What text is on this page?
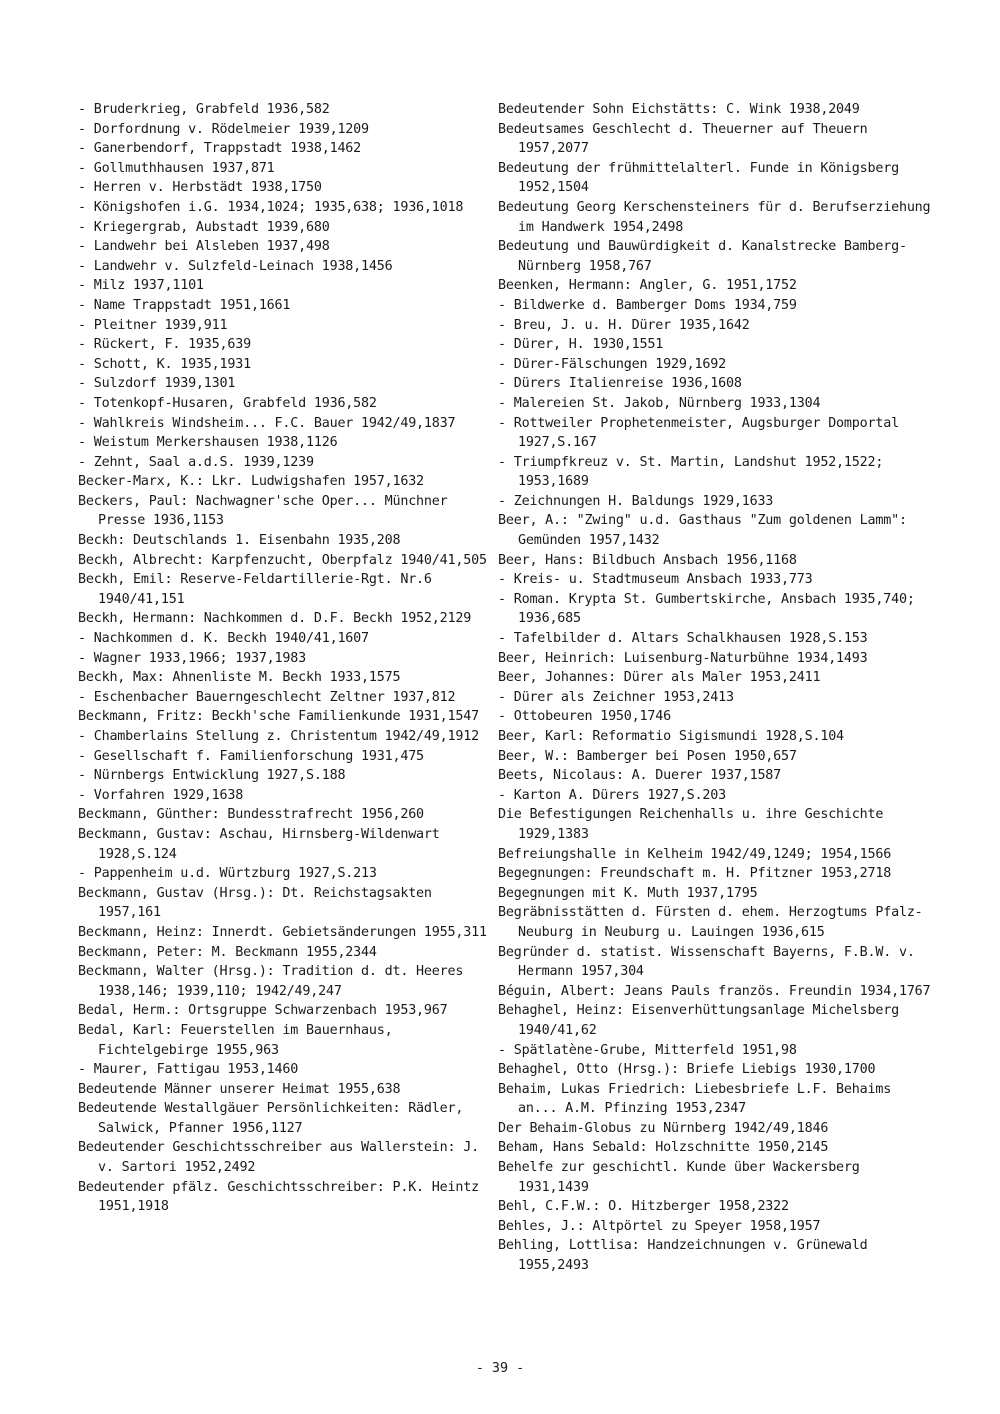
- Bruderkrieg, Grabfeld 1936,582
- Dorfordnung v. Rödelmeier 1939,1209
- Ganerbendorf, Trappstadt 1938,1462
- Gollmuthhausen 1937,871
- Herren v. Herbstädt 1938,1750
- Königshofen i.G. 1934,1024; 1935,638; 1936,1018
- Kriegergrab, Aubstadt 1939,680
- Landwehr bei Alsleben 1937,498
- Landwehr v. Sulzfeld-Leinach 1938,1456
- Milz 1937,1101
- Name Trappstadt 1951,1661
- Pleitner 1939,911
- Rückert, F. 1935,639
- Schott, K. 1935,1931
- Sulzdorf 1939,1301
- Totenkopf-Husaren, Grabfeld 1936,582
- Wahlkreis Windsheim... F.C. Bauer 1942/49,1837
- Weistum Merkershausen 1938,1126
- Zehnt, Saal a.d.S. 1939,1239
Becker-Marx, K.: Lkr. Ludwigshafen 1957,1632
Beckers, Paul: Nachwagner'sche Oper... Münchner Presse 1936,1153
Beckh: Deutschlands 1. Eisenbahn 1935,208
Beckh, Albrecht: Karpfenzucht, Oberpfalz 1940/41,505
Beckh, Emil: Reserve-Feldartillerie-Rgt. Nr.6 1940/41,151
Beckh, Hermann: Nachkommen d. D.F. Beckh 1952,2129
- Nachkommen d. K. Beckh 1940/41,1607
- Wagner 1933,1966; 1937,1983
Beckh, Max: Ahnenliste M. Beckh 1933,1575
- Eschenbacher Bauerngeschlecht Zeltner 1937,812
Beckmann, Fritz: Beckh'sche Familienkunde 1931,1547
- Chamberlains Stellung z. Christentum 1942/49,1912
- Gesellschaft f. Familienforschung 1931,475
- Nürnbergs Entwicklung 1927,S.188
- Vorfahren 1929,1638
Beckmann, Günther: Bundesstrafrecht 1956,260
Beckmann, Gustav: Aschau, Hirnsberg-Wildenwart 1928,S.124
- Pappenheim u.d. Würtzburg 1927,S.213
Beckmann, Gustav (Hrsg.): Dt. Reichstagsakten 1957,161
Beckmann, Heinz: Innerdt. Gebietsänderungen 1955,311
Beckmann, Peter: M. Beckmann 1955,2344
Beckmann, Walter (Hrsg.): Tradition d. dt. Heeres 1938,146; 1939,110; 1942/49,247
Bedal, Herm.: Ortsgruppe Schwarzenbach 1953,967
Bedal, Karl: Feuerstellen im Bauernhaus, Fichtelgebirge 1955,963
- Maurer, Fattigau 1953,1460
Bedeutende Männer unserer Heimat 1955,638
Bedeutende Westallgäuer Persönlichkeiten: Rädler, Salwick, Pfanner 1956,1127
Bedeutender Geschichtsschreiber aus Wallerstein: J. v. Sartori 1952,2492
Bedeutender pfälz. Geschichtsschreiber: P.K. Heintz 1951,1918
Bedeutender Sohn Eichstätts: C. Wink 1938,2049
Bedeutsames Geschlecht d. Theuerner auf Theuern 1957,2077
Bedeutung der frühmittelalterl. Funde in Königsberg 1952,1504
Bedeutung Georg Kerschensteiners für d. Berufserziehung im Handwerk 1954,2498
Bedeutung und Bauwürdigkeit d. Kanalstrecke Bamberg-Nürnberg 1958,767
Beenken, Hermann: Angler, G. 1951,1752
- Bildwerke d. Bamberger Doms 1934,759
- Breu, J. u. H. Dürer 1935,1642
- Dürer, H. 1930,1551
- Dürer-Fälschungen 1929,1692
- Dürers Italienreise 1936,1608
- Malereien St. Jakob, Nürnberg 1933,1304
- Rottweiler Prophetenmeister, Augsburger Domportal 1927,S.167
- Triumpfkreuz v. St. Martin, Landshut 1952,1522; 1953,1689
- Zeichnungen H. Baldungs 1929,1633
Beer, A.: "Zwing" u.d. Gasthaus "Zum goldenen Lamm": Gemünden 1957,1432
Beer, Hans: Bildbuch Ansbach 1956,1168
- Kreis- u. Stadtmuseum Ansbach 1933,773
- Roman. Krypta St. Gumbertskirche, Ansbach 1935,740; 1936,685
- Tafelbilder d. Altars Schalkhausen 1928,S.153
Beer, Heinrich: Luisenburg-Naturbühne 1934,1493
Beer, Johannes: Dürer als Maler 1953,2411
- Dürer als Zeichner 1953,2413
- Ottobeuren 1950,1746
Beer, Karl: Reformatio Sigismundi 1928,S.104
Beer, W.: Bamberger bei Posen 1950,657
Beets, Nicolaus: A. Duerer 1937,1587
- Karton A. Dürers 1927,S.203
Die Befestigungen Reichenhalls u. ihre Geschichte 1929,1383
Befreiungshalle in Kelheim 1942/49,1249; 1954,1566
Begegnungen: Freundschaft m. H. Pfitzner 1953,2718
Begegnungen mit K. Muth 1937,1795
Begräbnisstätten d. Fürsten d. ehem. Herzogtums Pfalz-Neuburg in Neuburg u. Lauingen 1936,615
Begründer d. statist. Wissenschaft Bayerns, F.B.W. v. Hermann 1957,304
Béguin, Albert: Jeans Pauls französ. Freundin 1934,1767
Behaghel, Heinz: Eisenverhüttungsanlage Michelsberg 1940/41,62
- Spätlatène-Grube, Mitterfeld 1951,98
Behaghel, Otto (Hrsg.): Briefe Liebigs 1930,1700
Behaim, Lukas Friedrich: Liebesbriefe L.F. Behaims an... A.M. Pfinzing 1953,2347
Der Behaim-Globus zu Nürnberg 1942/49,1846
Beham, Hans Sebald: Holzschnitte 1950,2145
Behelfe zur geschichtl. Kunde über Wackersberg 1931,1439
Behl, C.F.W.: O. Hitzberger 1958,2322
Behles, J.: Altpörtel zu Speyer 1958,1957
Behling, Lottlisa: Handzeichnungen v. Grünewald 1955,2493
- 39 -
